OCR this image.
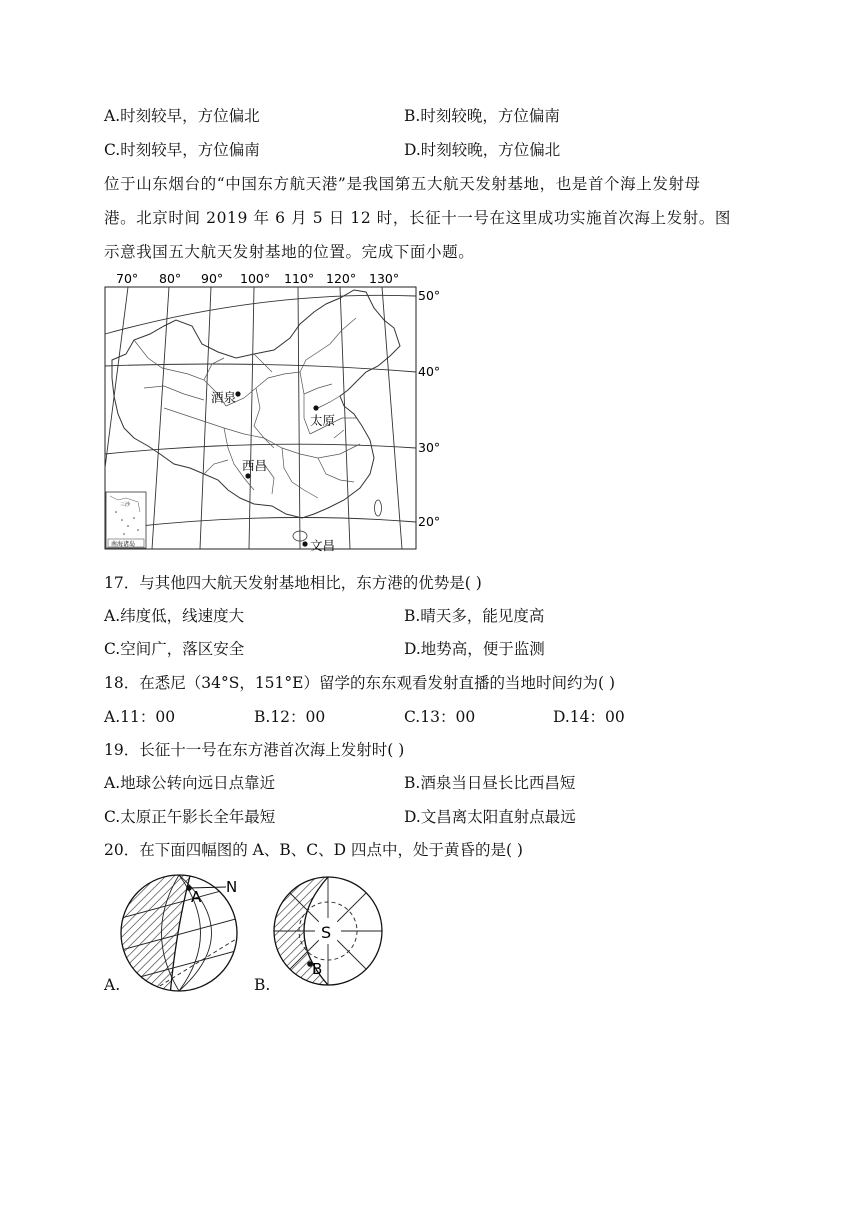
A.时刻较早，方位偏北	B.时刻较晚，方位偏南
C.时刻较早，方位偏南	D.时刻较晚，方位偏北
位于山东烟台的“中国东方航天港”是我国第五大航天发射基地，也是首个海上发射母
港。北京时间 2019 年 6 月 5 日 12 时，长征十一号在这里成功实施首次海上发射。图
示意我国五大航天发射基地的位置。完成下面小题。
70° 80° 90° 100° 110° 120° 130°
50°
40°
30°
20°
三沙
南海诸岛
酒泉
太原
西昌
文昌
17．与其他四大航天发射基地相比，东方港的优势是( )
A.纬度低，线速度大	B.晴天多，能见度高
C.空间广，落区安全	D.地势高，便于监测
18．在悉尼（34°S，151°E）留学的东东观看发射直播的当地时间约为( )
A.11：00	B.12：00	C.13：00	D.14：00
19．长征十一号在东方港首次海上发射时( )
A.地球公转向远日点靠近	B.酒泉当日昼长比西昌短
C.太原正午影长全年最短	D.文昌离太阳直射点最远
20．在下面四幅图的 A、B、C、D 四点中，处于黄昏的是( )
A
N
A.
S
B
B.
